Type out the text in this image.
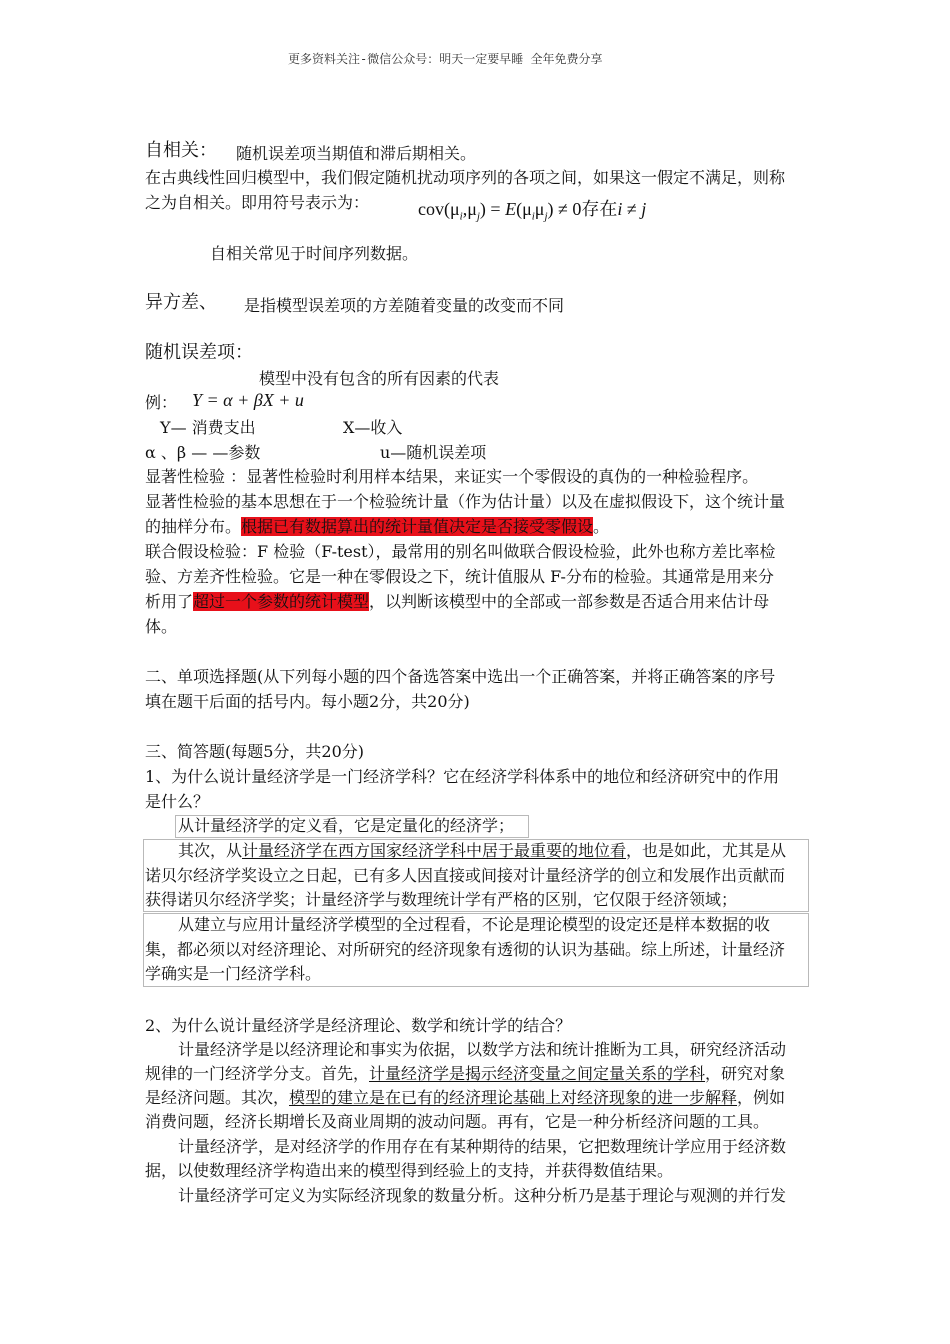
更多资料关注-微信公众号：明天一定要早睡 全年免费分享
自相关： 随机误差项当期值和滞后期相关。
在古典线性回归模型中，我们假定随机扰动项序列的各项之间，如果这一假定不满足，则称
之为自相关。即用符号表示为：	$cov(\mu_i,\mu_j) = E(\mu_i\mu_j) \ne 0$存在i ≠ j
自相关常见于时间序列数据。
异方差、 是指模型误差项的方差随着变量的改变而不同
随机误差项：
模型中没有包含的所有因素的代表
例： Y = α + βX + u
Y— 消费支出	X—收入
α 、β — —参数	u—随机误差项
显著性检验 ：显著性检验时利用样本结果，来证实一个零假设的真伪的一种检验程序。
显著性检验的基本思想在于一个检验统计量（作为估计量）以及在虚拟假设下，这个统计量
的抽样分布。根据已有数据算出的统计量值决定是否接受零假设。
联合假设检验：F 检验（F-test），最常用的别名叫做联合假设检验，此外也称方差比率检
验、方差齐性检验。它是一种在零假设之下，统计值服从 F-分布的检验。其通常是用来分
析用了超过一个参数的统计模型，以判断该模型中的全部或一部参数是否适合用来估计母
体。
二、单项选择题(从下列每小题的四个备选答案中选出一个正确答案，并将正确答案的序号
填在题干后面的括号内。每小题2分，共20分)
三、简答题(每题5分，共20分)
1、为什么说计量经济学是一门经济学科？它在经济学科体系中的地位和经济研究中的作用
是什么？
从计量经济学的定义看，它是定量化的经济学；
其次，从计量经济学在西方国家经济学科中居于最重要的地位看，也是如此，尤其是从
诺贝尔经济学奖设立之日起，已有多人因直接或间接对计量经济学的创立和发展作出贡献而
获得诺贝尔经济学奖；计量经济学与数理统计学有严格的区别，它仅限于经济领域；
从建立与应用计量经济学模型的全过程看，不论是理论模型的设定还是样本数据的收
集，都必须以对经济理论、对所研究的经济现象有透彻的认识为基础。综上所述，计量经济
学确实是一门经济学科。
2、为什么说计量经济学是经济理论、数学和统计学的结合？
计量经济学是以经济理论和事实为依据，以数学方法和统计推断为工具，研究经济活动
规律的一门经济学分支。首先，计量经济学是揭示经济变量之间定量关系的学科，研究对象
是经济问题。其次，模型的建立是在已有的经济理论基础上对经济现象的进一步解释，例如
消费问题，经济长期增长及商业周期的波动问题。再有，它是一种分析经济问题的工具。
计量经济学，是对经济学的作用存在有某种期待的结果，它把数理统计学应用于经济数
据，以使数理经济学构造出来的模型得到经验上的支持，并获得数值结果。
计量经济学可定义为实际经济现象的数量分析。这种分析乃是基于理论与观测的并行发
